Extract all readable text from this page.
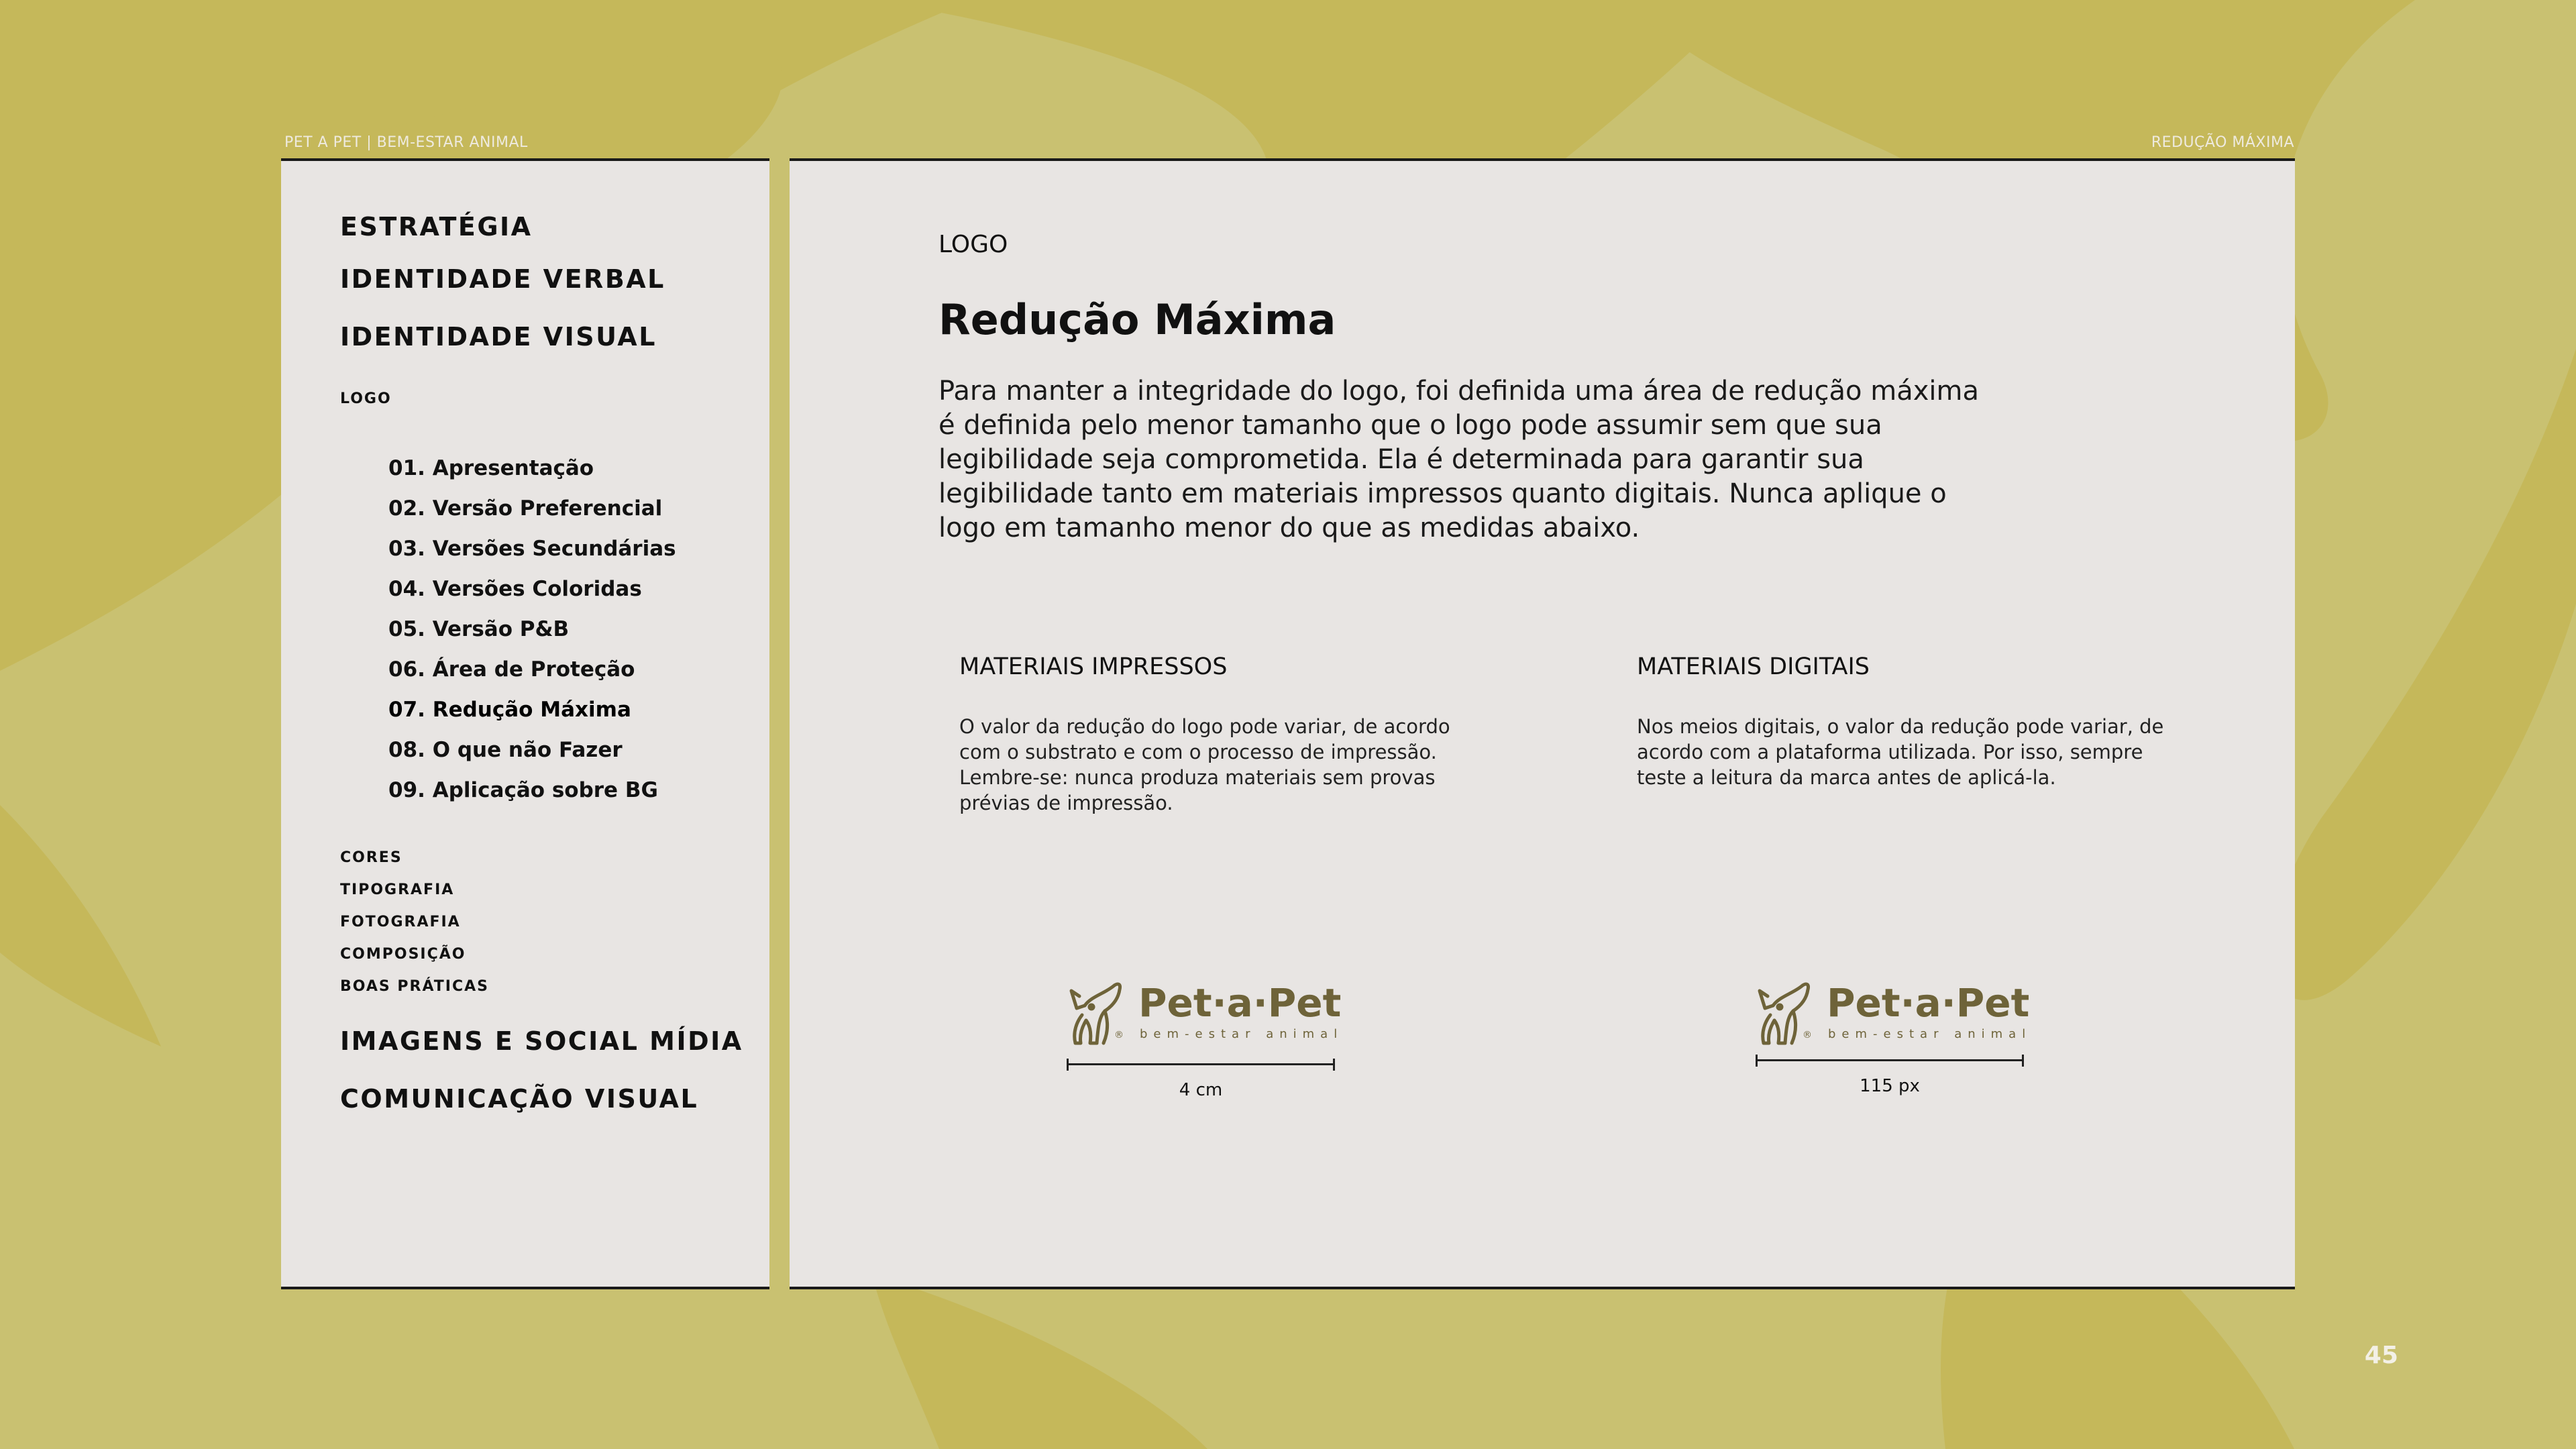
PET A PET | BEM-ESTAR ANIMAL	REDUÇÃO MÁXIMA
ESTRATÉGIA
IDENTIDADE VERBAL
IDENTIDADE VISUAL
LOGO
01. Apresentação
02. Versão Preferencial
03. Versões Secundárias
04. Versões Coloridas
05. Versão P&B
06. Área de Proteção
07. Redução Máxima
08. O que não Fazer
09. Aplicação sobre BG
CORES
TIPOGRAFIA
FOTOGRAFIA
COMPOSIÇÃO
BOAS PRÁTICAS
IMAGENS E SOCIAL MÍDIA
COMUNICAÇÃO VISUAL
LOGO
Redução Máxima
Para manter a integridade do logo, foi definida uma área de redução máxima é definida pelo menor tamanho que o logo pode assumir sem que sua legibilidade seja comprometida. Ela é determinada para garantir sua legibilidade tanto em materiais impressos quanto digitais. Nunca aplique o logo em tamanho menor do que as medidas abaixo.
MATERIAIS IMPRESSOS
O valor da redução do logo pode variar, de acordo com o substrato e com o processo de impressão. Lembre-se: nunca produza materiais sem provas prévias de impressão.
Pet·a·Pet
® bem-estar animal
4 cm
MATERIAIS DIGITAIS
Nos meios digitais, o valor da redução pode variar, de acordo com a plataforma utilizada. Por isso, sempre teste a leitura da marca antes de aplicá-la.
Pet·a·Pet
® bem-estar animal
115 px
45
